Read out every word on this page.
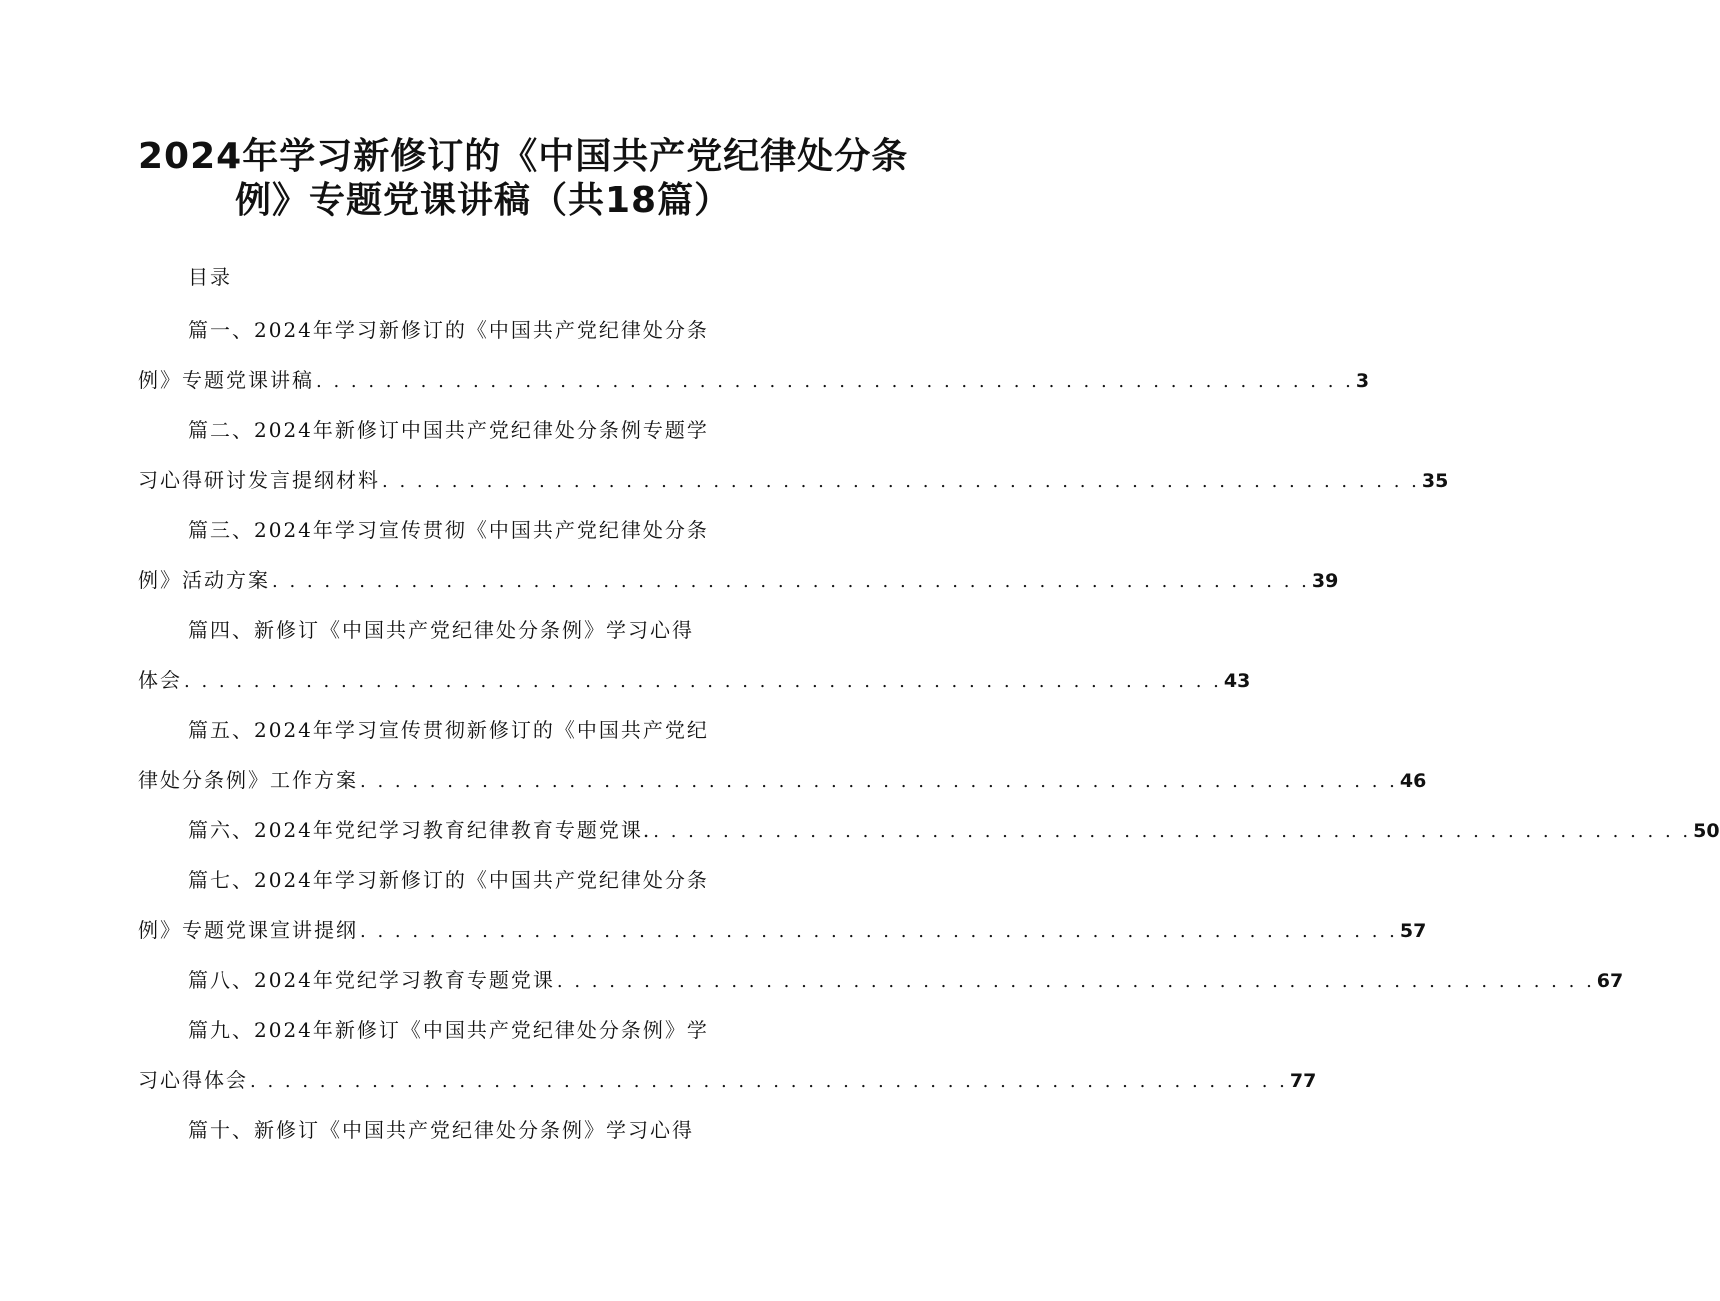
2024年学习新修订的《中国共产党纪律处分条
例》专题党课讲稿（共18篇）
目录
篇一、2024年学习新修订的《中国共产党纪律处分条
例》专题党课讲稿 . . . . . . . . . . . . . . . . . . . . . . . . . . . . . . . . . . . . . . . . . . . . . . . . . . . . . . . . . . . . 3
篇二、2024年新修订中国共产党纪律处分条例专题学
习心得研讨发言提纲材料 . . . . . . . . . . . . . . . . . . . . . . . . . . . . . . . . . . . . . . . . . . . . . . . . . . . . . . . . . . . . 35
篇三、2024年学习宣传贯彻《中国共产党纪律处分条
例》活动方案 . . . . . . . . . . . . . . . . . . . . . . . . . . . . . . . . . . . . . . . . . . . . . . . . . . . . . . . . . . . . 39
篇四、新修订《中国共产党纪律处分条例》学习心得
体会 . . . . . . . . . . . . . . . . . . . . . . . . . . . . . . . . . . . . . . . . . . . . . . . . . . . . . . . . . . . . 43
篇五、2024年学习宣传贯彻新修订的《中国共产党纪
律处分条例》工作方案 . . . . . . . . . . . . . . . . . . . . . . . . . . . . . . . . . . . . . . . . . . . . . . . . . . . . . . . . . . . . 46
篇六、2024年党纪学习教育纪律教育专题党课. . . . . . . . . . . . . . . . . . . . . . . . . . . . . . . . . . . . . . . . . . . . . . . . . . . . . . . . . . . . . 50
篇七、2024年学习新修订的《中国共产党纪律处分条
例》专题党课宣讲提纲 . . . . . . . . . . . . . . . . . . . . . . . . . . . . . . . . . . . . . . . . . . . . . . . . . . . . . . . . . . . . 57
篇八、2024年党纪学习教育专题党课 . . . . . . . . . . . . . . . . . . . . . . . . . . . . . . . . . . . . . . . . . . . . . . . . . . . . . . . . . . . . 67
篇九、2024年新修订《中国共产党纪律处分条例》学
习心得体会 . . . . . . . . . . . . . . . . . . . . . . . . . . . . . . . . . . . . . . . . . . . . . . . . . . . . . . . . . . . . 77
篇十、新修订《中国共产党纪律处分条例》学习心得
